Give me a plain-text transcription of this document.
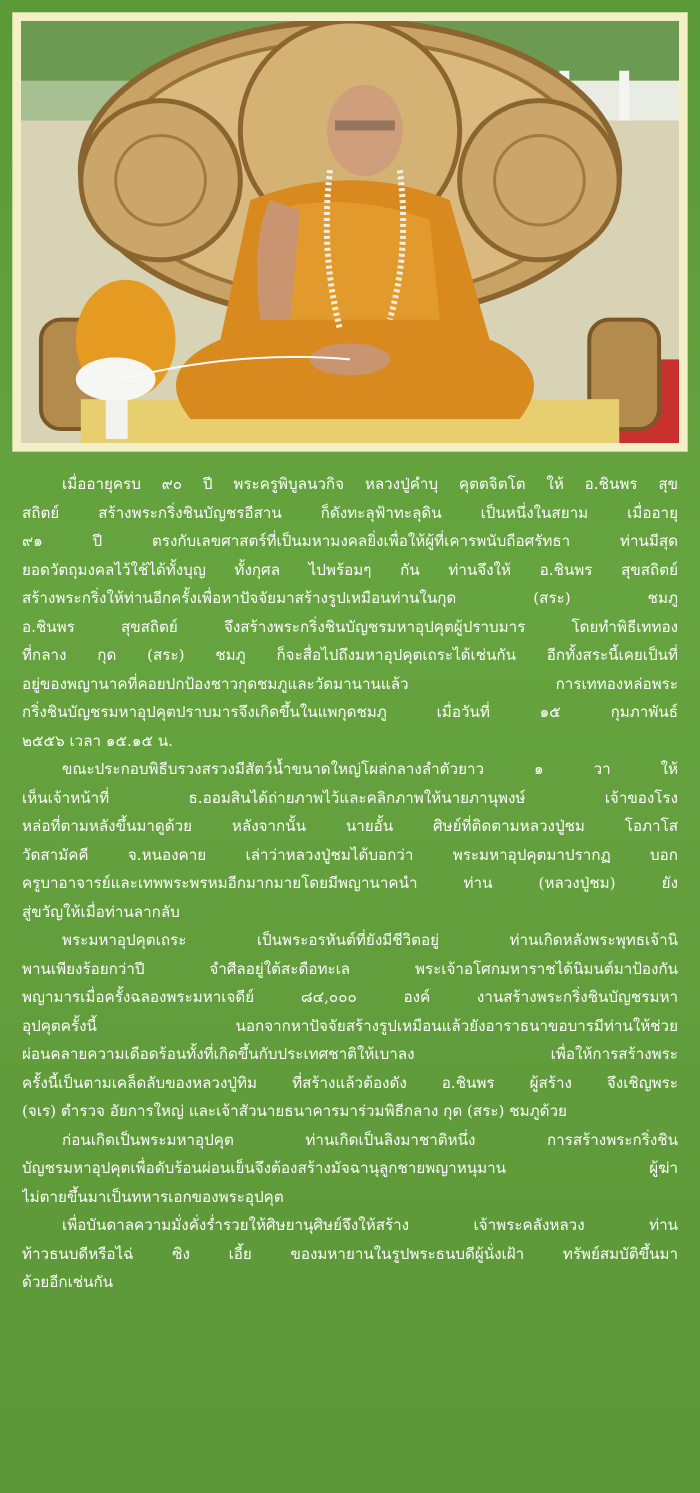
เมื่ออายุครบ ๙๐ ปี พระครูพิบูลนวกิจ หลวงปู่คำบุ คุตตจิตโต ให้ อ.ชินพร สุข
สถิตย์ สร้างพระกริ่งชินบัญชรอีสาน ก็ดังทะลุฟ้าทะลุดิน เป็นหนึ่งในสยาม เมื่ออายุ
๙๑ ปี ตรงกับเลขศาสตร์ที่เป็นมหามงคลยิ่งเพื่อให้ผู้ที่เคารพนับถือศรัทธา ท่านมีสุด
ยอดวัตถุมงคลไว้ใช้ได้ทั้งบุญ ทั้งกุศล ไปพร้อมๆ กัน ท่านจึงให้ อ.ชินพร สุขสถิตย์
สร้างพระกริ่งให้ท่านอีกครั้งเพื่อหาปัจจัยมาสร้างรูปเหมือนท่านในกุด (สระ) ชมภู
อ.ชินพร สุขสถิตย์ จึงสร้างพระกริ่งชินบัญชรมหาอุปคุตผู้ปราบมาร โดยทำพิธีเททอง
ที่กลาง กุด (สระ) ชมภู ก็จะสื่อไปถึงมหาอุปคุตเถระได้เช่นกัน อีกทั้งสระนี้เคยเป็นที่
อยู่ของพญานาคที่คอยปกป้องชาวกุดชมภูและวัดมานานแล้ว การเททองหล่อพระ
กริ่งชินบัญชรมหาอุปคุตปราบมารจึงเกิดขึ้นในแพกุดชมภู เมื่อวันที่ ๑๕ กุมภาพันธ์
๒๕๕๖ เวลา ๑๕.๑๕ น.

ขณะประกอบพิธีบรวงสรวงมีสัตว์น้ำขนาดใหญ่โผล่กลางลำตัวยาว ๑ วา ให้
เห็นเจ้าหน้าที่ ธ.ออมสินได้ถ่ายภาพไว้และคลิกภาพให้นายภานุพงษ์ เจ้าของโรง
หล่อที่ตามหลังขึ้นมาดูด้วย หลังจากนั้น นายอั้น ศิษย์ที่ติดตามหลวงปู่ชม โอภาโส
วัดสามัคคี จ.หนองคาย เล่าว่าหลวงปู่ชมได้บอกว่า พระมหาอุปคุตมาปรากฏ บอก
ครูบาอาจารย์และเทพพระพรหมอีกมากมายโดยมีพญานาคนำ ท่าน (หลวงปู่ชม) ยัง
สู่ขวัญให้เมื่อท่านลากลับ

พระมหาอุปคุตเถระ เป็นพระอรหันต์ที่ยังมีชีวิตอยู่ ท่านเกิดหลังพระพุทธเจ้านิ
พานเพียงร้อยกว่าปี จำศีลอยู่ใต้สะดือทะเล พระเจ้าอโศกมหาราชได้นิมนต์มาป้องกัน
พญามารเมื่อครั้งฉลองพระมหาเจดีย์ ๘๔,๐๐๐ องค์ งานสร้างพระกริ่งชินบัญชรมหา
อุปคุตครั้งนี้ นอกจากหาปัจจัยสร้างรูปเหมือนแล้วยังอาราธนาขอบารมีท่านให้ช่วย
ผ่อนคลายความเดือดร้อนทั้งที่เกิดขึ้นกับประเทศชาติให้เบาลง เพื่อให้การสร้างพระ
ครั้งนี้เป็นตามเคล็ดลับของหลวงปู่ทิม ที่สร้างแล้วต้องดัง อ.ชินพร ผู้สร้าง จึงเชิญพระ
(จเร) ตำรวจ อัยการใหญ่ และเจ้าสัวนายธนาคารมาร่วมพิธีกลาง กุด (สระ) ชมภูด้วย

ก่อนเกิดเป็นพระมหาอุปคุต ท่านเกิดเป็นลิงมาชาติหนึ่ง การสร้างพระกริ่งชิน
บัญชรมหาอุปคุตเพื่อดับร้อนผ่อนเย็นจึงต้องสร้างมัจฉานุลูกชายพญาหนุมาน ผู้ฆ่า
ไม่ตายขึ้นมาเป็นทหารเอกของพระอุปคุต

เพื่อบันดาลความมั่งคั่งร่ำรวยให้ศิษยานุศิษย์จึงให้สร้าง เจ้าพระคลังหลวง ท่าน
ท้าวธนบดีหรือไฉ่ ซิง เอี้ย ของมหายานในรูปพระธนบดีผู้นั่งเฝ้า ทรัพย์สมบัติขึ้นมา
ด้วยอีกเช่นกัน
